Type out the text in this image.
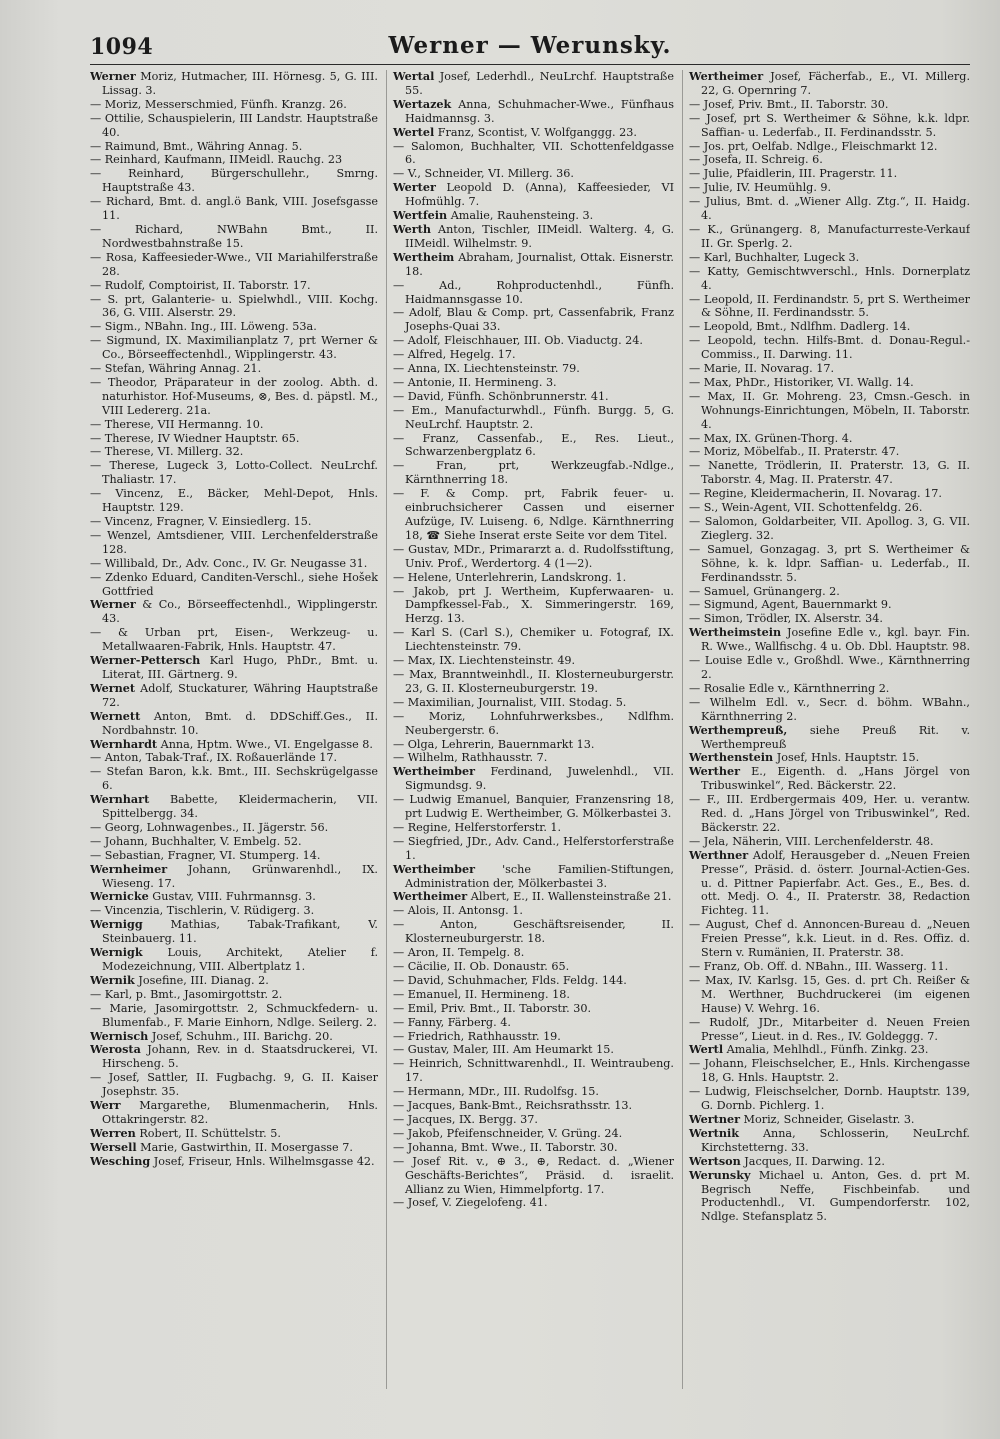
1094	Werner — Werunsky.

Werner Moriz, Hutmacher, III. Hörnesg. 5, G. III. Lissag. 3.

— Moriz, Messerschmied, Fünfh. Kranzg. 26.

— Ottilie, Schauspielerin, III Landstr. Hauptstraße 40.

— Raimund, Bmt., Währing Annag. 5.

— Reinhard, Kaufmann, IIMeidl. Rauchg. 23

— Reinhard, Bürgerschullehr., Smrng. Hauptstraße 43.

— Richard, Bmt. d. angl.ö Bank, VIII. Josefsgasse 11.

— Richard, NWBahn Bmt., II. Nordwestbahnstraße 15.

— Rosa, Kaffeesieder-Wwe., VII Mariahilferstraße 28.

— Rudolf, Comptoirist, II. Taborstr. 17.

— S. prt, Galanterie- u. Spielwhdl., VIII. Kochg. 36, G. VIII. Alserstr. 29.

— Sigm., NBahn. Ing., III. Löweng. 53a.

— Sigmund, IX. Maximilianplatz 7, prt Werner & Co., Börseeffectenhdl., Wipplingerstr. 43.

— Stefan, Währing Annag. 21.

— Theodor, Präparateur in der zoolog. Abth. d. naturhistor. Hof-Museums, ⊗, Bes. d. päpstl. M., VIII Ledererg. 21a.

— Therese, VII Hermanng. 10.

— Therese, IV Wiedner Hauptstr. 65.

— Therese, VI. Millerg. 32.

— Therese, Lugeck 3, Lotto-Collect. NeuLrchf. Thaliastr. 17.

— Vincenz, E., Bäcker, Mehl-Depot, Hnls. Hauptstr. 129.

— Vincenz, Fragner, V. Einsiedlerg. 15.

— Wenzel, Amtsdiener, VIII. Lerchenfelderstraße 128.

— Willibald, Dr., Adv. Conc., IV. Gr. Neugasse 31.

— Zdenko Eduard, Canditen-Verschl., siehe Hošek Gottfried

Werner & Co., Börseeffectenhdl., Wipplingerstr. 43.

— & Urban prt, Eisen-, Werkzeug- u. Metallwaaren-Fabrik, Hnls. Hauptstr. 47.

Werner-Pettersch Karl Hugo, PhDr., Bmt. u. Literat, III. Gärtnerg. 9.

Wernet Adolf, Stuckaturer, Währing Hauptstraße 72.

Wernett Anton, Bmt. d. DDSchiff.Ges., II. Nordbahnstr. 10.

Wernhardt Anna, Hptm. Wwe., VI. Engelgasse 8.

— Anton, Tabak-Traf., IX. Roßauerlände 17.

— Stefan Baron, k.k. Bmt., III. Sechskrügelgasse 6.

Wernhart Babette, Kleidermacherin, VII. Spittelbergg. 34.

— Georg, Lohnwagenbes., II. Jägerstr. 56.

— Johann, Buchhalter, V. Embelg. 52.

— Sebastian, Fragner, VI. Stumperg. 14.

Wernheimer Johann, Grünwarenhdl., IX. Wieseng. 17.

Wernicke Gustav, VIII. Fuhrmannsg. 3.

— Vincenzia, Tischlerin, V. Rüdigerg. 3.

Wernigg Mathias, Tabak-Trafikant, V. Steinbauerg. 11.

Wernigk Louis, Architekt, Atelier f. Modezeichnung, VIII. Albertplatz 1.

Wernik Josefine, III. Dianag. 2.

— Karl, p. Bmt., Jasomirgottstr. 2.

— Marie, Jasomirgottstr. 2, Schmuckfedern- u. Blumenfab., F. Marie Einhorn, Ndlge. Seilerg. 2.

Wernisch Josef, Schuhm., III. Barichg. 20.

Werosta Johann, Rev. in d. Staatsdruckerei, VI. Hirscheng. 5.

— Josef, Sattler, II. Fugbachg. 9, G. II. Kaiser Josephstr. 35.

Werr Margarethe, Blumenmacherin, Hnls. Ottakringerstr. 82.

Werren Robert, II. Schüttelstr. 5.

Wersell Marie, Gastwirthin, II. Mosergasse 7.

Wesching Josef, Friseur, Hnls. Wilhelmsgasse 42.

Wertal Josef, Lederhdl., NeuLrchf. Hauptstraße 55.

Wertazek Anna, Schuhmacher-Wwe., Fünfhaus Haidmannsg. 3.

Wertel Franz, Scontist, V. Wolfganggg. 23.

— Salomon, Buchhalter, VII. Schottenfeldgasse 6.

— V., Schneider, VI. Millerg. 36.

Werter Leopold D. (Anna), Kaffeesieder, VI Hofmühlg. 7.

Wertfein Amalie, Rauhensteing. 3.

Werth Anton, Tischler, IIMeidl. Walterg. 4, G. IIMeidl. Wilhelmstr. 9.

Wertheim Abraham, Journalist, Ottak. Eisnerstr. 18.

— Ad., Rohproductenhdl., Fünfh. Haidmannsgasse 10.

— Adolf, Blau & Comp. prt, Cassenfabrik, Franz Josephs-Quai 33.

— Adolf, Fleischhauer, III. Ob. Viaductg. 24.

— Alfred, Hegelg. 17.

— Anna, IX. Liechtensteinstr. 79.

— Antonie, II. Hermineng. 3.

— David, Fünfh. Schönbrunnerstr. 41.

— Em., Manufacturwhdl., Fünfh. Burgg. 5, G. NeuLrchf. Hauptstr. 2.

— Franz, Cassenfab., E., Res. Lieut., Schwarzenbergplatz 6.

— Fran, prt, Werkzeugfab.-Ndlge., Kärnthnerring 18.

— F. & Comp. prt, Fabrik feuer- u. einbruchsicherer Cassen und eiserner Aufzüge, IV. Luiseng. 6, Ndlge. Kärnthnerring 18, ☎ Siehe Inserat erste Seite vor dem Titel.

— Gustav, MDr., Primararzt a. d. Rudolfsstiftung, Univ. Prof., Werdertorg. 4 (1—2).

— Helene, Unterlehrerin, Landskrong. 1.

— Jakob, prt J. Wertheim, Kupferwaaren- u. Dampfkessel-Fab., X. Simmeringerstr. 169, Herzg. 13.

— Karl S. (Carl S.), Chemiker u. Fotograf, IX. Liechtensteinstr. 79.

— Max, IX. Liechtensteinstr. 49.

— Max, Branntweinhdl., II. Klosterneuburgerstr. 23, G. II. Klosterneuburgerstr. 19.

— Maximilian, Journalist, VIII. Stodag. 5.

— Moriz, Lohnfuhrwerksbes., Ndlfhm. Neubergerstr. 6.

— Olga, Lehrerin, Bauernmarkt 13.

— Wilhelm, Rathhausstr. 7.

Wertheimber Ferdinand, Juwelenhdl., VII. Sigmundsg. 9.

— Ludwig Emanuel, Banquier, Franzensring 18, prt Ludwig E. Wertheimber, G. Mölkerbastei 3.

— Regine, Helferstorferstr. 1.

— Siegfried, JDr., Adv. Cand., Helferstorferstraße 1.

Wertheimber 'sche Familien-Stiftungen, Administration der, Mölkerbastei 3.

Wertheimer Albert, E., II. Wallensteinstraße 21.

— Alois, II. Antonsg. 1.

— Anton, Geschäftsreisender, II. Klosterneuburgerstr. 18.

— Aron, II. Tempelg. 8.

— Cäcilie, II. Ob. Donaustr. 65.

— David, Schuhmacher, Flds. Feldg. 144.

— Emanuel, II. Hermineng. 18.

— Emil, Priv. Bmt., II. Taborstr. 30.

— Fanny, Färberg. 4.

— Friedrich, Rathhausstr. 19.

— Gustav, Maler, III. Am Heumarkt 15.

— Heinrich, Schnittwarenhdl., II. Weintraubeng. 17.

— Hermann, MDr., III. Rudolfsg. 15.

— Jacques, Bank-Bmt., Reichsrathsstr. 13.

— Jacques, IX. Bergg. 37.

— Jakob, Pfeifenschneider, V. Grüng. 24.

— Johanna, Bmt. Wwe., II. Taborstr. 30.

— Josef Rit. v., ⊕ 3., ⊕, Redact. d. „Wiener Geschäfts-Berichtes“, Präsid. d. israelit. Allianz zu Wien, Himmelpfortg. 17.

— Josef, V. Ziegelofeng. 41.

Wertheimer Josef, Fächerfab., E., VI. Millerg. 22, G. Opernring 7.

— Josef, Priv. Bmt., II. Taborstr. 30.

— Josef, prt S. Wertheimer & Söhne, k.k. ldpr. Saffian- u. Lederfab., II. Ferdinandsstr. 5.

— Jos. prt, Oelfab. Ndlge., Fleischmarkt 12.

— Josefa, II. Schreig. 6.

— Julie, Pfaidlerin, III. Pragerstr. 11.

— Julie, IV. Heumühlg. 9.

— Julius, Bmt. d. „Wiener Allg. Ztg.“, II. Haidg. 4.

— K., Grünangerg. 8, Manufacturreste-Verkauf II. Gr. Sperlg. 2.

— Karl, Buchhalter, Lugeck 3.

— Katty, Gemischtwverschl., Hnls. Dornerplatz 4.

— Leopold, II. Ferdinandstr. 5, prt S. Wertheimer & Söhne, II. Ferdinandsstr. 5.

— Leopold, Bmt., Ndlfhm. Dadlerg. 14.

— Leopold, techn. Hilfs-Bmt. d. Donau-Regul.-Commiss., II. Darwing. 11.

— Marie, II. Novarag. 17.

— Max, PhDr., Historiker, VI. Wallg. 14.

— Max, II. Gr. Mohreng. 23, Cmsn.-Gesch. in Wohnungs-Einrichtungen, Möbeln, II. Taborstr. 4.

— Max, IX. Grünen-Thorg. 4.

— Moriz, Möbelfab., II. Praterstr. 47.

— Nanette, Trödlerin, II. Praterstr. 13, G. II. Taborstr. 4, Mag. II. Praterstr. 47.

— Regine, Kleidermacherin, II. Novarag. 17.

— S., Wein-Agent, VII. Schottenfeldg. 26.

— Salomon, Goldarbeiter, VII. Apollog. 3, G. VII. Zieglerg. 32.

— Samuel, Gonzagag. 3, prt S. Wertheimer & Söhne, k. k. ldpr. Saffian- u. Lederfab., II. Ferdinandsstr. 5.

— Samuel, Grünangerg. 2.

— Sigmund, Agent, Bauernmarkt 9.

— Simon, Trödler, IX. Alserstr. 34.

Wertheimstein Josefine Edle v., kgl. bayr. Fin. R. Wwe., Wallfischg. 4 u. Ob. Dbl. Hauptstr. 98.

— Louise Edle v., Großhdl. Wwe., Kärnthnerring 2.

— Rosalie Edle v., Kärnthnerring 2.

— Wilhelm Edl. v., Secr. d. böhm. WBahn., Kärnthnerring 2.

Werthempreuß, siehe Preuß Rit. v. Werthempreuß

Werthenstein Josef, Hnls. Hauptstr. 15.

Werther E., Eigenth. d. „Hans Jörgel von Tribuswinkel“, Red. Bäckerstr. 22.

— F., III. Erdbergermais 409, Her. u. verantw. Red. d. „Hans Jörgel von Tribuswinkel“, Red. Bäckerstr. 22.

— Jela, Näherin, VIII. Lerchenfelderstr. 48.

Werthner Adolf, Herausgeber d. „Neuen Freien Presse“, Präsid. d. österr. Journal-Actien-Ges. u. d. Pittner Papierfabr. Act. Ges., E., Bes. d. ott. Medj. O. 4., II. Praterstr. 38, Redaction Fichteg. 11.

— August, Chef d. Annoncen-Bureau d. „Neuen Freien Presse“, k.k. Lieut. in d. Res. Offiz. d. Stern v. Rumänien, II. Praterstr. 38.

— Franz, Ob. Off. d. NBahn., III. Wasserg. 11.

— Max, IV. Karlsg. 15, Ges. d. prt Ch. Reißer & M. Werthner, Buchdruckerei (im eigenen Hause) V. Wehrg. 16.

— Rudolf, JDr., Mitarbeiter d. Neuen Freien Presse“, Lieut. in d. Res., IV. Goldeggg. 7.

Wertl Amalia, Mehlhdl., Fünfh. Zinkg. 23.

— Johann, Fleischselcher, E., Hnls. Kirchengasse 18, G. Hnls. Hauptstr. 2.

— Ludwig, Fleischselcher, Dornb. Hauptstr. 139, G. Dornb. Pichlerg. 1.

Wertner Moriz, Schneider, Giselastr. 3.

Wertnik Anna, Schlosserin, NeuLrchf. Kirchstetterng. 33.

Wertson Jacques, II. Darwing. 12.

Werunsky Michael u. Anton, Ges. d. prt M. Begrisch Neffe, Fischbeinfab. und Productenhdl., VI. Gumpendorferstr. 102, Ndlge. Stefansplatz 5.
